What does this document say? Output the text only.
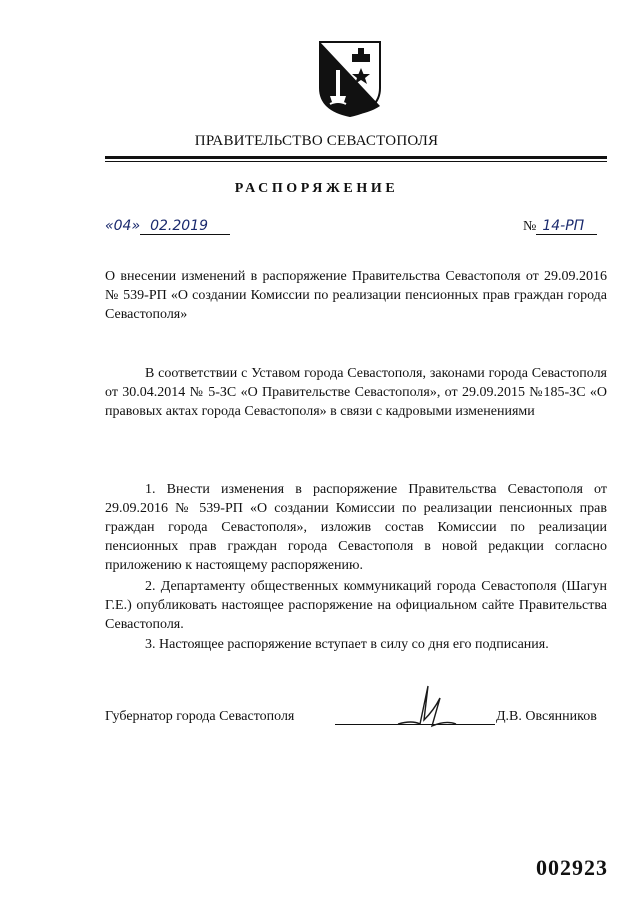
ПРАВИТЕЛЬСТВО СЕВАСТОПОЛЯ
РАСПОРЯЖЕНИЕ
«04» 02.2019	№ 14-РП

О внесении изменений в распоряжение Правительства Севастополя от 29.09.2016 № 539-РП «О создании Комиссии по реализации пенсионных прав граждан города Севастополя»

В соответствии с Уставом города Севастополя, законами города Севастополя от 30.04.2014 № 5-ЗС «О Правительстве Севастополя», от 29.09.2015 №185-ЗС «О правовых актах города Севастополя» в связи с кадровыми изменениями

1. Внести изменения в распоряжение Правительства Севастополя от 29.09.2016 № 539-РП «О создании Комиссии по реализации пенсионных прав граждан города Севастополя», изложив состав Комиссии по реализации пенсионных прав граждан города Севастополя в новой редакции согласно приложению к настоящему распоряжению.

2. Департаменту общественных коммуникаций города Севастополя (Шагун Г.Е.) опубликовать настоящее распоряжение на официальном сайте Правительства Севастополя.

3. Настоящее распоряжение вступает в силу со дня его подписания.

Губернатор города Севастополя	Д.В. Овсянников
002923
